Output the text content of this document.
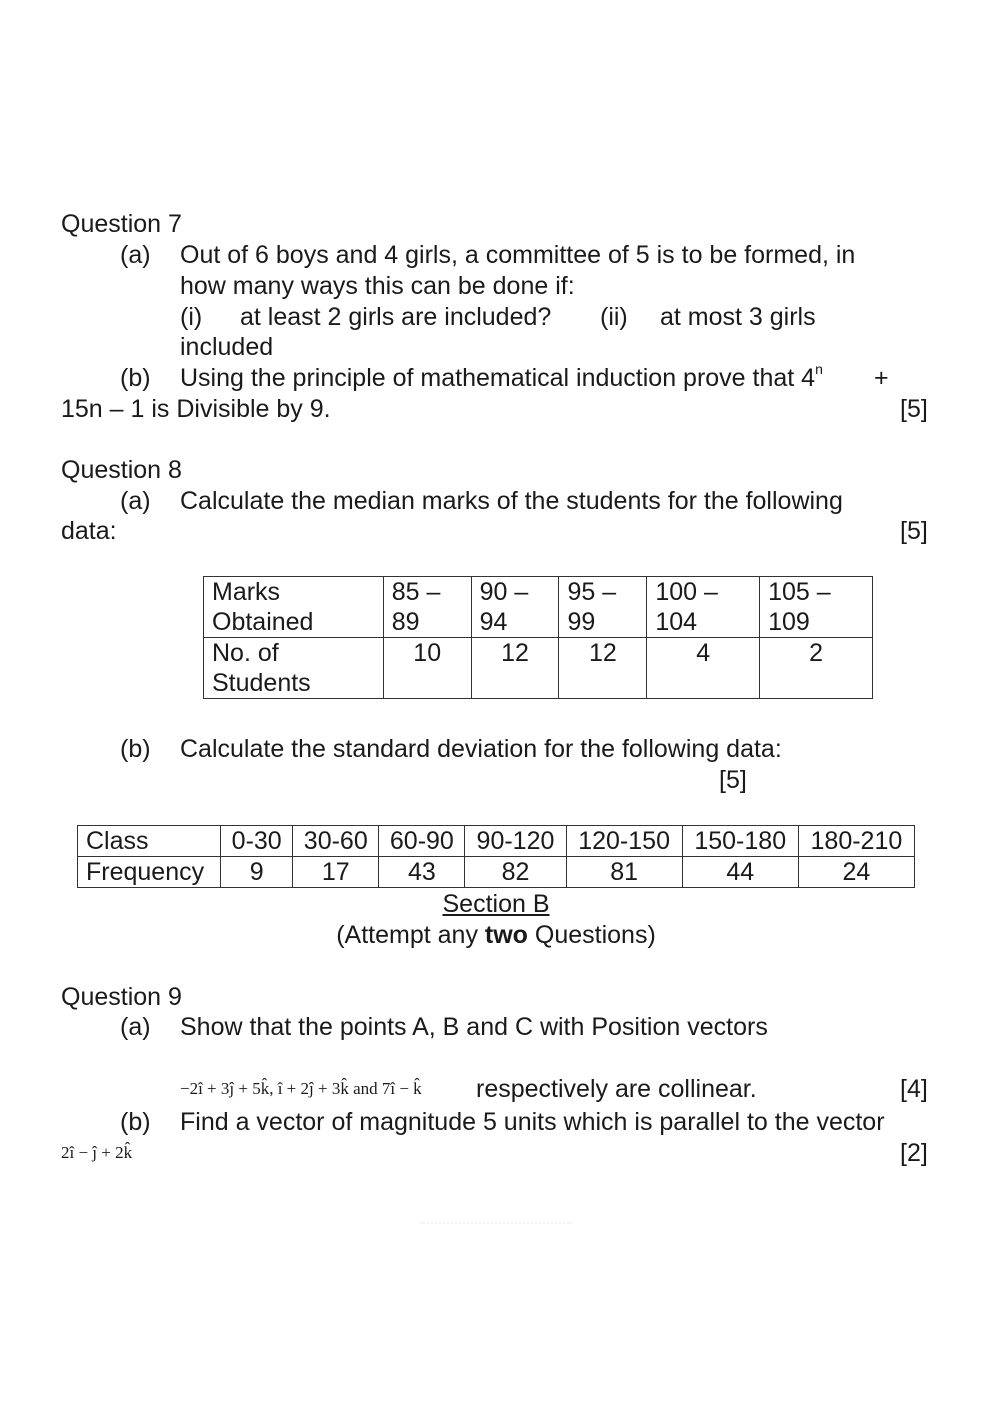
Question 7
(a) Out of 6 boys and 4 girls, a committee of 5 is to be formed, in
how many ways this can be done if:
(i) at least 2 girls are included? (ii) at most 3 girls
included
(b) Using the principle of mathematical induction prove that $4^n$ +
15n – 1 is Divisible by 9.	[5]
Question 8
(a) Calculate the median marks of the students for the following
data:	[5]
Marks
Obtained	85 –
89	90 –
94	95 –
99	100 –
104	105 –
109
No. of
Students	10	12	12	4	2
(b) Calculate the standard deviation for the following data:
[5]
Class	0-30	30-60	60-90	90-120	120-150	150-180	180-210
Frequency	9	17	43	82	81	44	24
Section B
(Attempt any two Questions)
Question 9
(a) Show that the points A, B and C with Position vectors
−2î + 3ĵ + 5k̂, î + 2ĵ + 3k̂ and 7î − k̂ respectively are collinear.	[4]
(b) Find a vector of magnitude 5 units which is parallel to the vector
2î − ĵ + 2k̂	[2]
